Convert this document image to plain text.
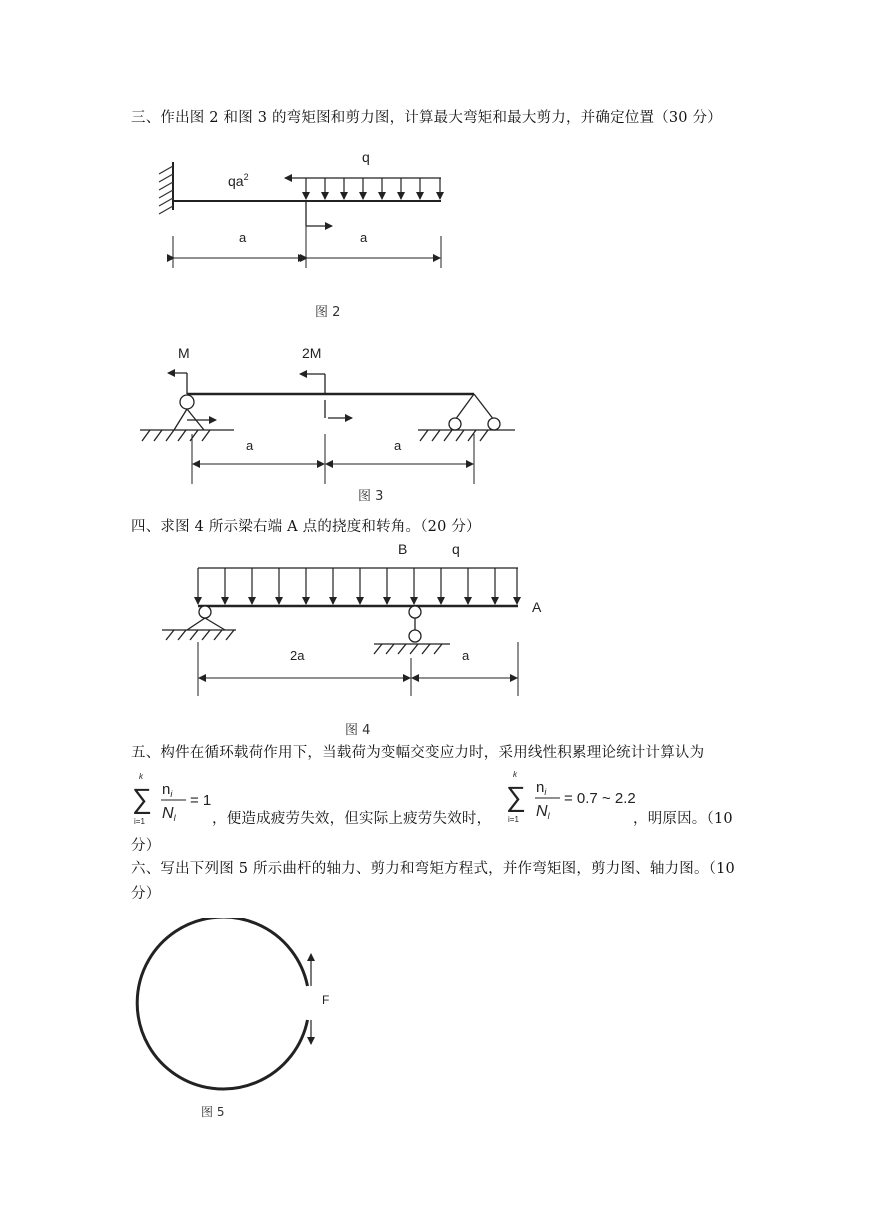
三、作出图 2 和图 3 的弯矩图和剪力图，计算最大弯矩和最大剪力，并确定位置（30 分）
q
$qa^2$
a	a
图 2
M	2M
a	a
图 3
四、求图 4 所示梁右端 A 点的挠度和转角。（20 分）
B	q
A
2a	a
图 4
五、构件在循环载荷作用下，当载荷为变幅交变应力时，采用线性积累理论统计计算认为
k
∑
i=1
$n_i$
Nl
= 1
，便造成疲劳失效，但实际上疲劳失效时，
k
∑
i=1
$n_i$
Nl
= 0.7 ~ 2.2
，明原因。（10
分）
六、写出下列图 5 所示曲杆的轴力、剪力和弯矩方程式，并作弯矩图，剪力图、轴力图。（10
分）
F
图 5
